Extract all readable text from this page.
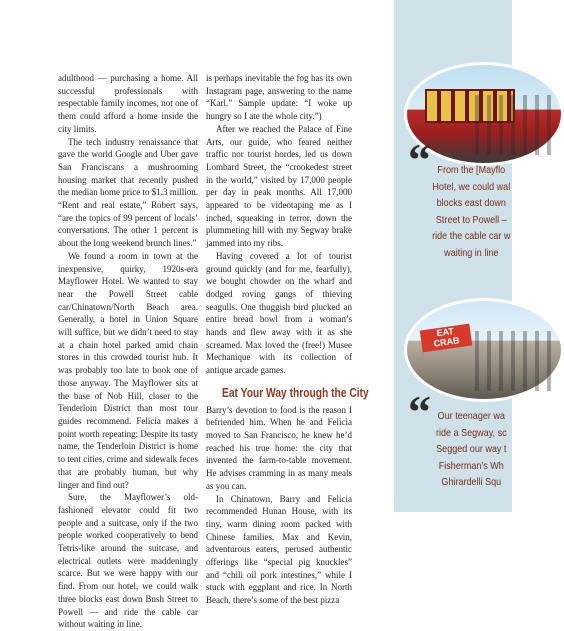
adulthood — purchasing a home. All successful professionals with respectable family incomes, not one of them could afford a home inside the city limits.

The tech industry renaissance that gave the world Google and Uber gave San Franciscans a mushrooming housing market that recently pushed the median home price to $1.3 million. “Rent and real estate,” Robert says, “are the topics of 99 percent of locals’ conversations. The other 1 percent is about the long weekend brunch lines.”

We found a room in town at the inexpensive, quirky, 1920s-era Mayflower Hotel. We wanted to stay near the Powell Street cable car/Chinatown/North Beach area. Generally, a hotel in Union Square will suffice, but we didn’t need to stay at a chain hotel parked amid chain stores in this crowded tourist hub. It was probably too late to book one of those anyway. The Mayflower sits at the base of Nob Hill, closer to the Tenderloin District than most tour guides recommend. Felicia makes a point worth repeating: Despite its tasty name, the Tenderloin District is home to tent cities, crime and sidewalk feces that are probably human, but why linger and find out?

Sure, the Mayflower’s old-fashioned elevator could fit two people and a suitcase, only if the two people worked cooperatively to bend Tetris-like around the suitcase, and electrical outlets were maddeningly scarce. But we were happy with our find. From our hotel, we could walk three blocks east down Bush Street to Powell — and ride the cable car without waiting in line.

is perhaps inevitable the fog has its own Instagram page, answering to the name “Karl.” Sample update: “I woke up hungry so I ate the whole city.”)

After we reached the Palace of Fine Arts, our guide, who feared neither traffic nor tourist hordes, led us down Lombard Street, the “crookedest street in the world,” visited by 17,000 people per day in peak months. All 17,000 appeared to be videotaping me as I inched, squeaking in terror, down the plummeting hill with my Segway brake jammed into my ribs.

Having covered a lot of tourist ground quickly (and for me, fearfully), we bought chowder on the wharf and dodged roving gangs of thieving seagulls. One thuggish bird plucked an entire bread bowl from a woman’s hands and flew away with it as she screamed. Max loved the (free!) Musee Mechanique with its collection of antique arcade games.

Eat Your Way through the City

Barry’s devotion to food is the reason I befriended him. When he and Felicia moved to San Francisco, he knew he’d reached his true home: the city that invented the farm-to-table movement. He advises cramming in as many meals as you can.

In Chinatown, Barry and Felicia recommended Hunan House, with its tiny, warm dining room packed with Chinese families. Max and Kevin, adventurous eaters, perused authentic offerings like “special pig knuckles” and “chili oil pork intestines,” while I stuck with eggplant and rice. In North Beach, there’s some of the best pizza

“ From the [Mayflo
Hotel, we could wal
blocks east down
Street to Powell –
ride the cable car w
waiting in line
EAT
CRAB
“ Our teenager wa
ride a Segway, sc
Segged our way t
Fisherman’s Wh
Ghirardelli Squ
